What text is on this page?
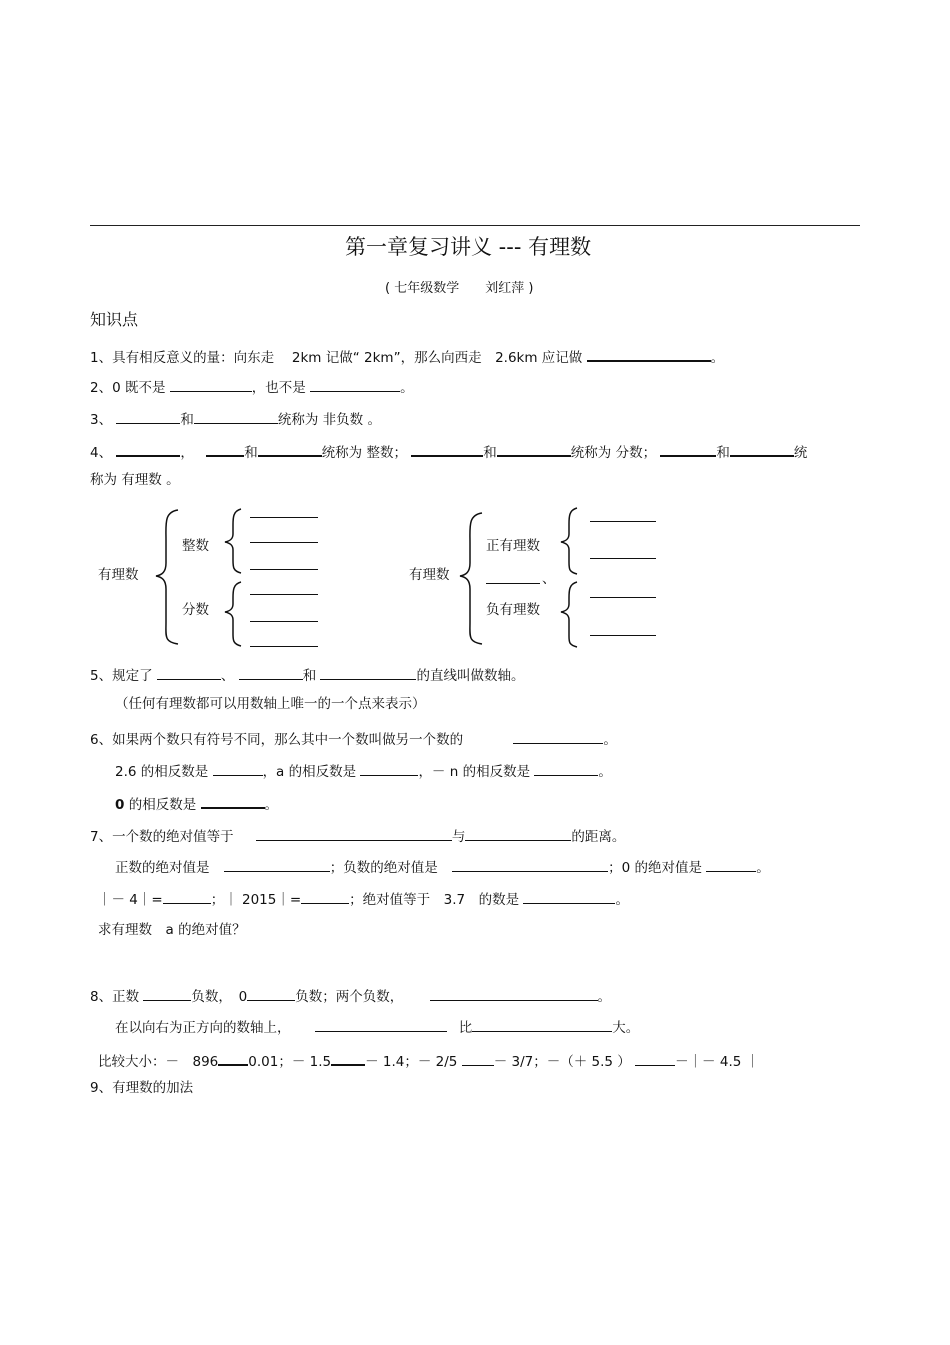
第一章复习讲义 --- 有理数
( 七年级数学　　刘红萍 )
知识点
1、具有相反意义的量：向东走　 2km 记做“ 2km”，那么向西走　2.6km 应记做	。
2、0 既不是	，也不是	。
3、	和	统称为 非负数 。
4、	，	和	统称为 整数；	和	统称为 分数；	和	统
称为 有理数 。
有理数
整数
分数
有理数
正有理数
、
负有理数
5、规定了	、	和	的直线叫做数轴。
（任何有理数都可以用数轴上唯一的一个点来表示）
6、如果两个数只有符号不同，那么其中一个数叫做另一个数的	。
2.6 的相反数是	，a 的相反数是	，－ n 的相反数是	。
0 的相反数是	。
7、一个数的绝对值等于	与	的距离。
正数的绝对值是	；负数的绝对值是	；0 的绝对值是	。
｜－ 4｜=	；｜ 2015｜=	；绝对值等于　3.7　的数是	。
求有理数　a 的绝对值？
8、正数	负数，　0	负数；两个负数，	。
在以向右为正方向的数轴上，	比	大。
比较大小：－　896 0.01；－ 1.5	－ 1.4；－ 2/5	－ 3/7；－（＋ 5.5 ）	－｜－ 4.5 ｜
9、有理数的加法
